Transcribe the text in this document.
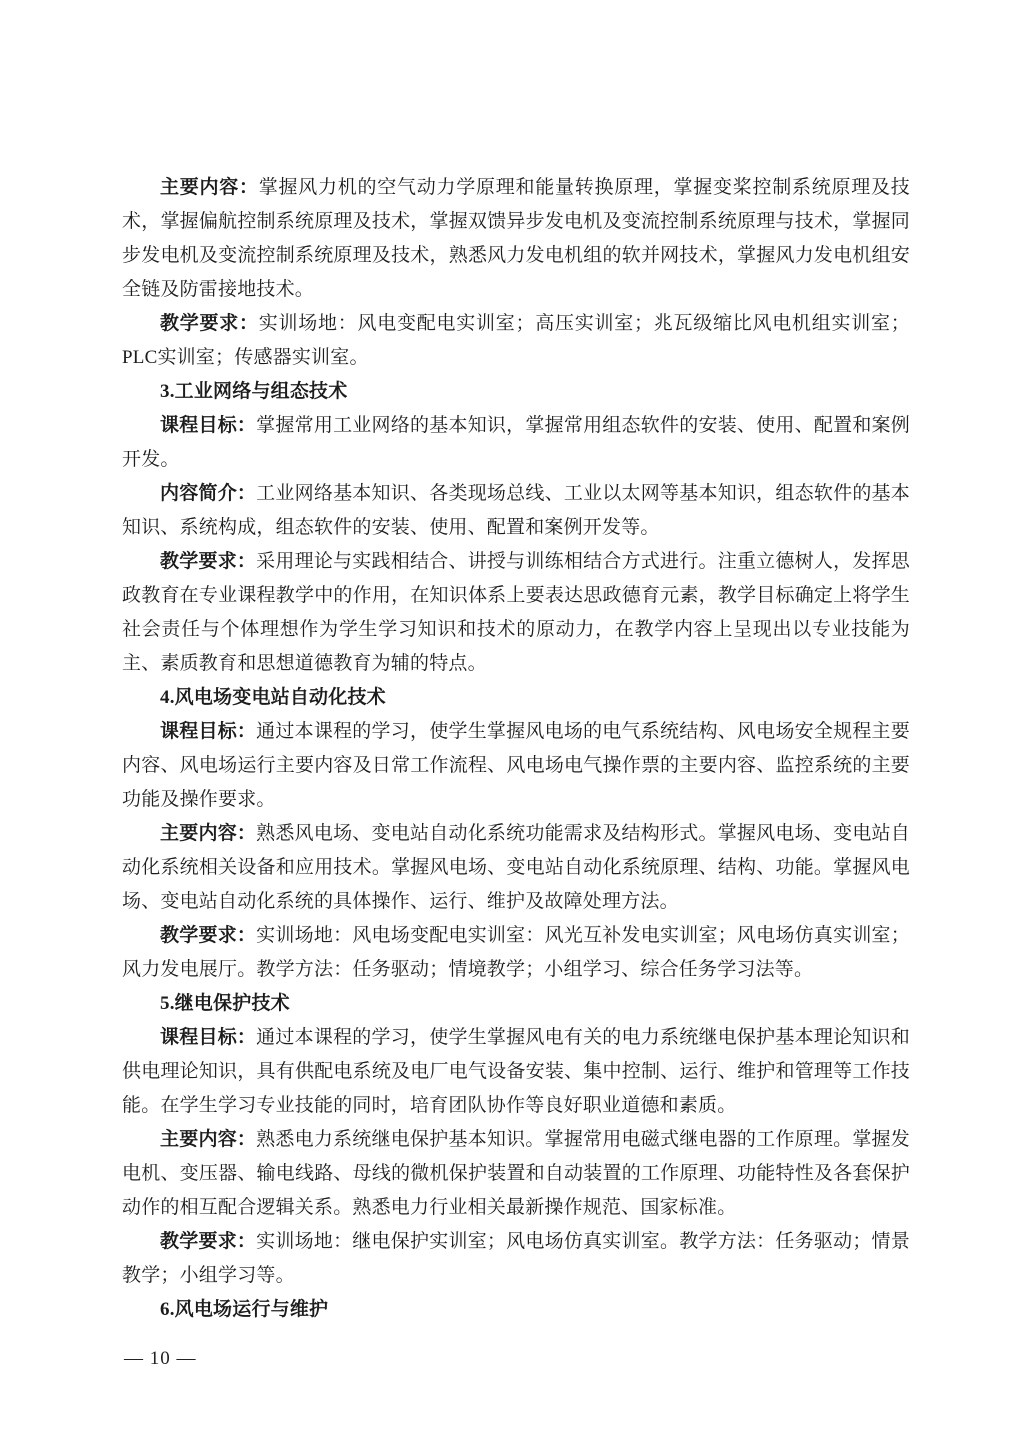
主要内容：掌握风力机的空气动力学原理和能量转换原理，掌握变桨控制系统原理及技术，掌握偏航控制系统原理及技术，掌握双馈异步发电机及变流控制系统原理与技术，掌握同步发电机及变流控制系统原理及技术，熟悉风力发电机组的软并网技术，掌握风力发电机组安全链及防雷接地技术。

教学要求：实训场地：风电变配电实训室；高压实训室；兆瓦级缩比风电机组实训室；PLC实训室；传感器实训室。

3.工业网络与组态技术

课程目标：掌握常用工业网络的基本知识，掌握常用组态软件的安装、使用、配置和案例开发。

内容简介：工业网络基本知识、各类现场总线、工业以太网等基本知识，组态软件的基本知识、系统构成，组态软件的安装、使用、配置和案例开发等。

教学要求：采用理论与实践相结合、讲授与训练相结合方式进行。注重立德树人，发挥思政教育在专业课程教学中的作用，在知识体系上要表达思政德育元素，教学目标确定上将学生社会责任与个体理想作为学生学习知识和技术的原动力，在教学内容上呈现出以专业技能为主、素质教育和思想道德教育为辅的特点。

4.风电场变电站自动化技术

课程目标：通过本课程的学习，使学生掌握风电场的电气系统结构、风电场安全规程主要内容、风电场运行主要内容及日常工作流程、风电场电气操作票的主要内容、监控系统的主要功能及操作要求。

主要内容：熟悉风电场、变电站自动化系统功能需求及结构形式。掌握风电场、变电站自动化系统相关设备和应用技术。掌握风电场、变电站自动化系统原理、结构、功能。掌握风电场、变电站自动化系统的具体操作、运行、维护及故障处理方法。

教学要求：实训场地：风电场变配电实训室：风光互补发电实训室；风电场仿真实训室；风力发电展厅。教学方法：任务驱动；情境教学；小组学习、综合任务学习法等。

5.继电保护技术

课程目标：通过本课程的学习，使学生掌握风电有关的电力系统继电保护基本理论知识和供电理论知识，具有供配电系统及电厂电气设备安装、集中控制、运行、维护和管理等工作技能。在学生学习专业技能的同时，培育团队协作等良好职业道德和素质。

主要内容：熟悉电力系统继电保护基本知识。掌握常用电磁式继电器的工作原理。掌握发电机、变压器、输电线路、母线的微机保护装置和自动装置的工作原理、功能特性及各套保护动作的相互配合逻辑关系。熟悉电力行业相关最新操作规范、国家标准。

教学要求：实训场地：继电保护实训室；风电场仿真实训室。教学方法：任务驱动；情景教学；小组学习等。

6.风电场运行与维护

— 10 —
